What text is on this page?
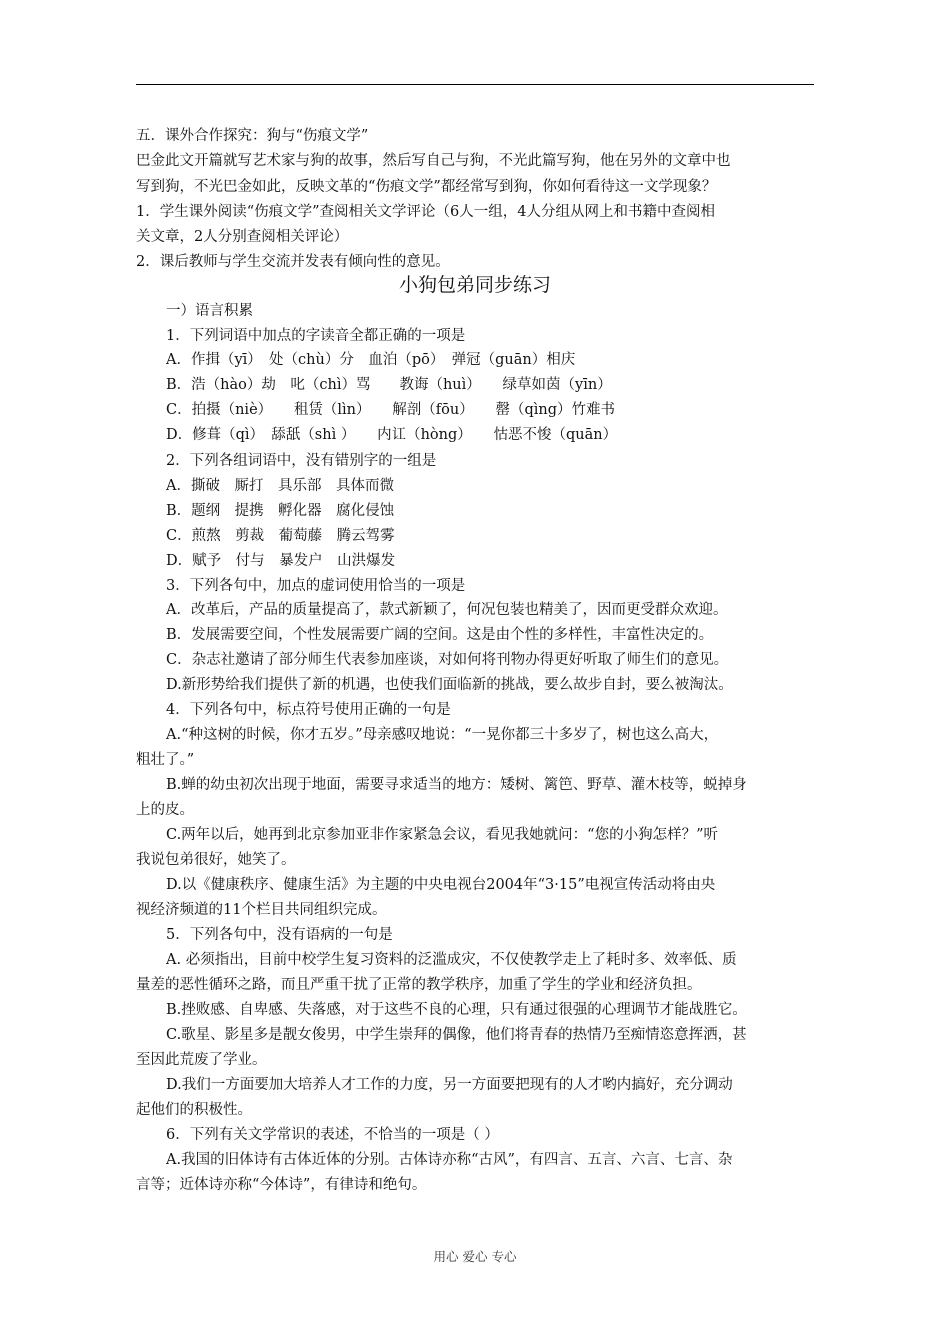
五．课外合作探究：狗与“伤痕文学”
巴金此文开篇就写艺术家与狗的故事，然后写自己与狗，不光此篇写狗，他在另外的文章中也
写到狗，不光巴金如此，反映文革的“伤痕文学”都经常写到狗，你如何看待这一文学现象？
1．学生课外阅读“伤痕文学”查阅相关文学评论（6人一组，4人分组从网上和书籍中查阅相
关文章，2人分别查阅相关评论）
2．课后教师与学生交流并发表有倾向性的意见。
小狗包弟同步练习
一）语言积累
1．下列词语中加点的字读音全都正确的一项是
A．作揖（yī）　处（chù）分　血泊（pō）　弹冠（guān）相庆
B．浩（hào）劫　叱（chì）骂　　教诲（huì）　　绿草如茵（yīn）
C．拍摄（niè）　　租赁（lìn）　　解剖（fōu）　　罄（qìng）竹难书
D．修葺（qì）　舔舐（shì ）　　内讧（hòng）　　怙恶不悛（quān）
2．下列各组词语中，没有错别字的一组是
A．撕破　厮打　具乐部　具体而微
B．题纲　提携　孵化器　腐化侵蚀
C．煎熬　剪裁　葡萄藤　腾云驾雾
D．赋予　付与　暴发户　山洪爆发
3．下列各句中，加点的虚词使用恰当的一项是
A．改革后，产品的质量提高了，款式新颖了，何况包装也精美了，因而更受群众欢迎。
B．发展需要空间，个性发展需要广阔的空间。这是由个性的多样性，丰富性决定的。
C．杂志社邀请了部分师生代表参加座谈，对如何将刊物办得更好听取了师生们的意见。
D.新形势给我们提供了新的机遇，也使我们面临新的挑战，要么故步自封，要么被淘汰。
4．下列各句中，标点符号使用正确的一句是
A.“种这树的时候，你才五岁。”母亲感叹地说：“一晃你都三十多岁了，树也这么高大，
粗壮了。”
B.蝉的幼虫初次出现于地面，需要寻求适当的地方：矮树、篱笆、野草、灌木枝等，蜕掉身
上的皮。
C.两年以后，她再到北京参加亚非作家紧急会议，看见我她就问：“您的小狗怎样？”听
我说包弟很好，她笑了。
D.以《健康秩序、健康生活》为主题的中央电视台2004年“3·15”电视宣传活动将由央
视经济频道的11个栏目共同组织完成。
5．下列各句中，没有语病的一句是
A. 必须指出，目前中校学生复习资料的泛滥成灾，不仅使教学走上了耗时多、效率低、质
量差的恶性循环之路，而且严重干扰了正常的教学秩序，加重了学生的学业和经济负担。
B.挫败感、自卑感、失落感，对于这些不良的心理，只有通过很强的心理调节才能战胜它。
C.歌星、影星多是靓女俊男，中学生崇拜的偶像，他们将青春的热情乃至痴情恣意挥洒，甚
至因此荒废了学业。
D.我们一方面要加大培养人才工作的力度，另一方面要把现有的人才哟内搞好，充分调动
起他们的积极性。
6．下列有关文学常识的表述，不恰当的一项是（ ）
A.我国的旧体诗有古体近体的分别。古体诗亦称“古风”，有四言、五言、六言、七言、杂
言等；近体诗亦称“今体诗”，有律诗和绝句。
用心 爱心 专心
